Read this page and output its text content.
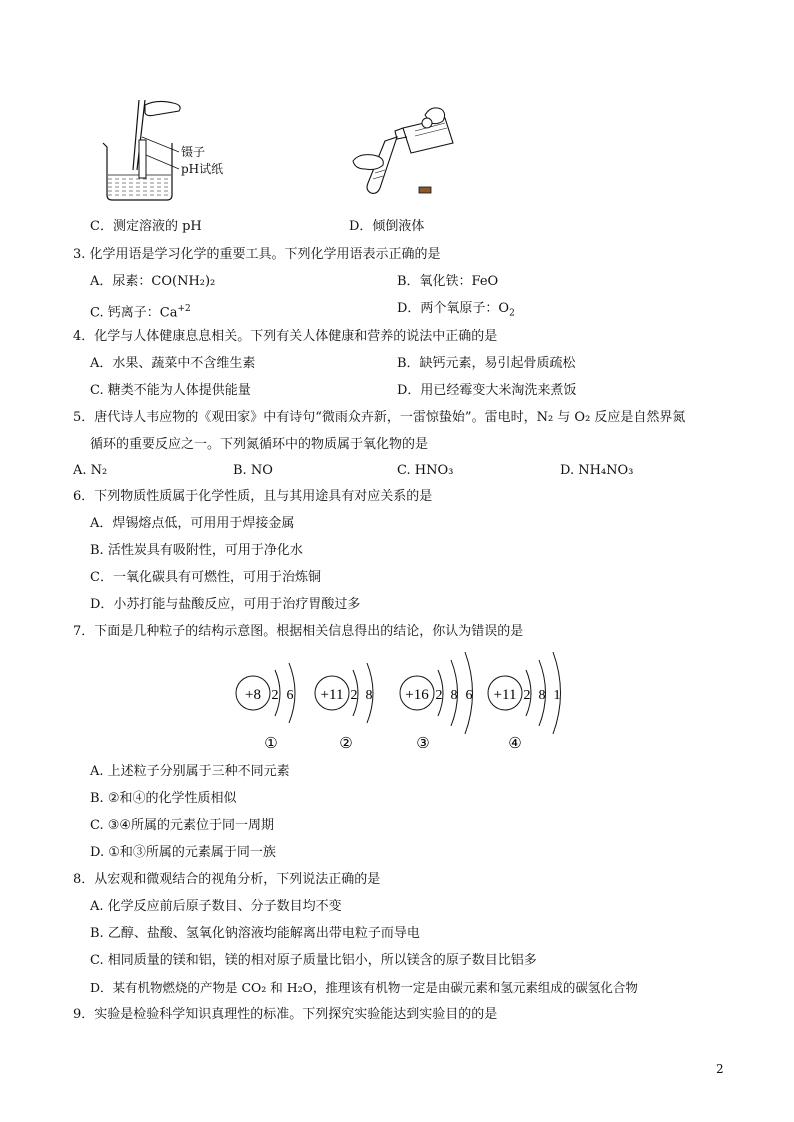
镊子
pH试纸
C．测定溶液的 pH	D．倾倒液体
3. 化学用语是学习化学的重要工具。下列化学用语表示正确的是
A．尿素：CO(NH₂)₂	B．氧化铁：FeO
C. 钙离子：$Ca^{+2}$	D．两个氧原子：$O_2$
4．化学与人体健康息息相关。下列有关人体健康和营养的说法中正确的是
A．水果、蔬菜中不含维生素	B．缺钙元素，易引起骨质疏松
C. 糖类不能为人体提供能量	D．用已经霉变大米淘洗来煮饭
5．唐代诗人韦应物的《观田家》中有诗句“微雨众卉新，一雷惊蛰始”。雷电时，N₂ 与 O₂ 反应是自然界氮
循环的重要反应之一。下列氮循环中的物质属于氧化物的是
A. N₂	B. NO	C. HNO₃	D. NH₄NO₃
6．下列物质性质属于化学性质，且与其用途具有对应关系的是
A．焊锡熔点低，可用用于焊接金属
B. 活性炭具有吸附性，可用于净化水
C．一氧化碳具有可燃性，可用于治炼铜
D．小苏打能与盐酸反应，可用于治疗胃酸过多
7．下面是几种粒子的结构示意图。根据相关信息得出的结论，你认为错误的是
+8 2 6
①
+11 2 8
②
+16 2 8 6
③
+11 2 8 1
④
A. 上述粒子分别属于三种不同元素
B. ②和④的化学性质相似
C. ③④所属的元素位于同一周期
D. ①和③所属的元素属于同一族
8．从宏观和微观结合的视角分析，下列说法正确的是
A. 化学反应前后原子数目、分子数目均不变
B. 乙醇、盐酸、氢氧化钠溶液均能解离出带电粒子而导电
C. 相同质量的镁和铝，镁的相对原子质量比铝小，所以镁含的原子数目比铝多
D．某有机物燃烧的产物是 CO₂ 和 H₂O，推理该有机物一定是由碳元素和氢元素组成的碳氢化合物
9．实验是检验科学知识真理性的标准。下列探究实验能达到实验目的的是
2
